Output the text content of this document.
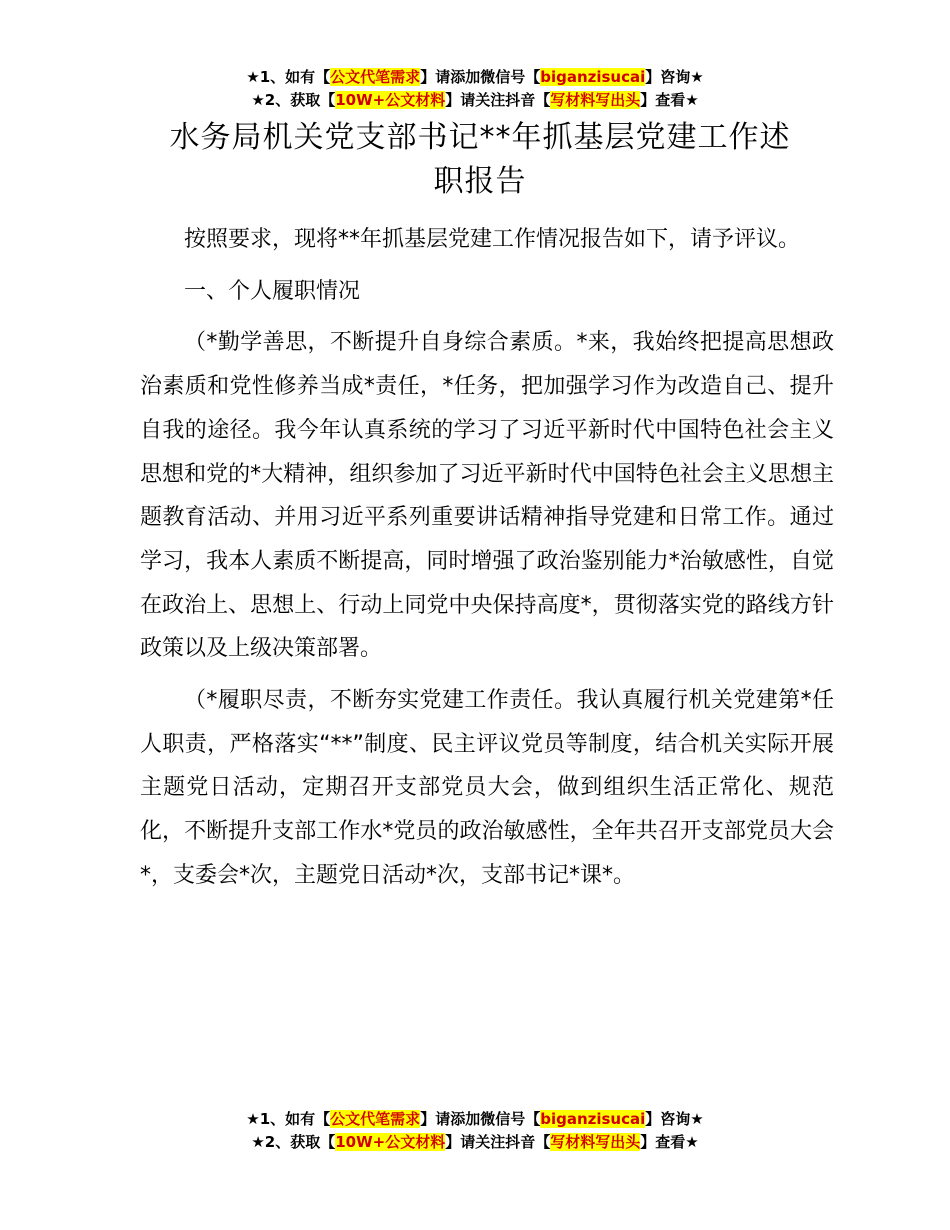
★1、如有【公文代笔需求】请添加微信号【biganzisucai】咨询★
★2、获取【10W+公文材料】请关注抖音【写材料写出头】查看★
水务局机关党支部书记**年抓基层党建工作述
职报告

按照要求，现将**年抓基层党建工作情况报告如下，请予评议。

一、个人履职情况

（*勤学善思，不断提升自身综合素质。*来，我始终把提高思想政治素质和党性修养当成*责任，*任务，把加强学习作为改造自己、提升自我的途径。我今年认真系统的学习了习近平新时代中国特色社会主义思想和党的*大精神，组织参加了习近平新时代中国特色社会主义思想主题教育活动、并用习近平系列重要讲话精神指导党建和日常工作。通过学习，我本人素质不断提高，同时增强了政治鉴别能力*治敏感性，自觉在政治上、思想上、行动上同党中央保持高度*，贯彻落实党的路线方针政策以及上级决策部署。

（*履职尽责，不断夯实党建工作责任。我认真履行机关党建第*任人职责，严格落实“**”制度、民主评议党员等制度，结合机关实际开展主题党日活动，定期召开支部党员大会，做到组织生活正常化、规范化，不断提升支部工作水*党员的政治敏感性，全年共召开支部党员大会*，支委会*次，主题党日活动*次，支部书记*课*。

★1、如有【公文代笔需求】请添加微信号【biganzisucai】咨询★
★2、获取【10W+公文材料】请关注抖音【写材料写出头】查看★
